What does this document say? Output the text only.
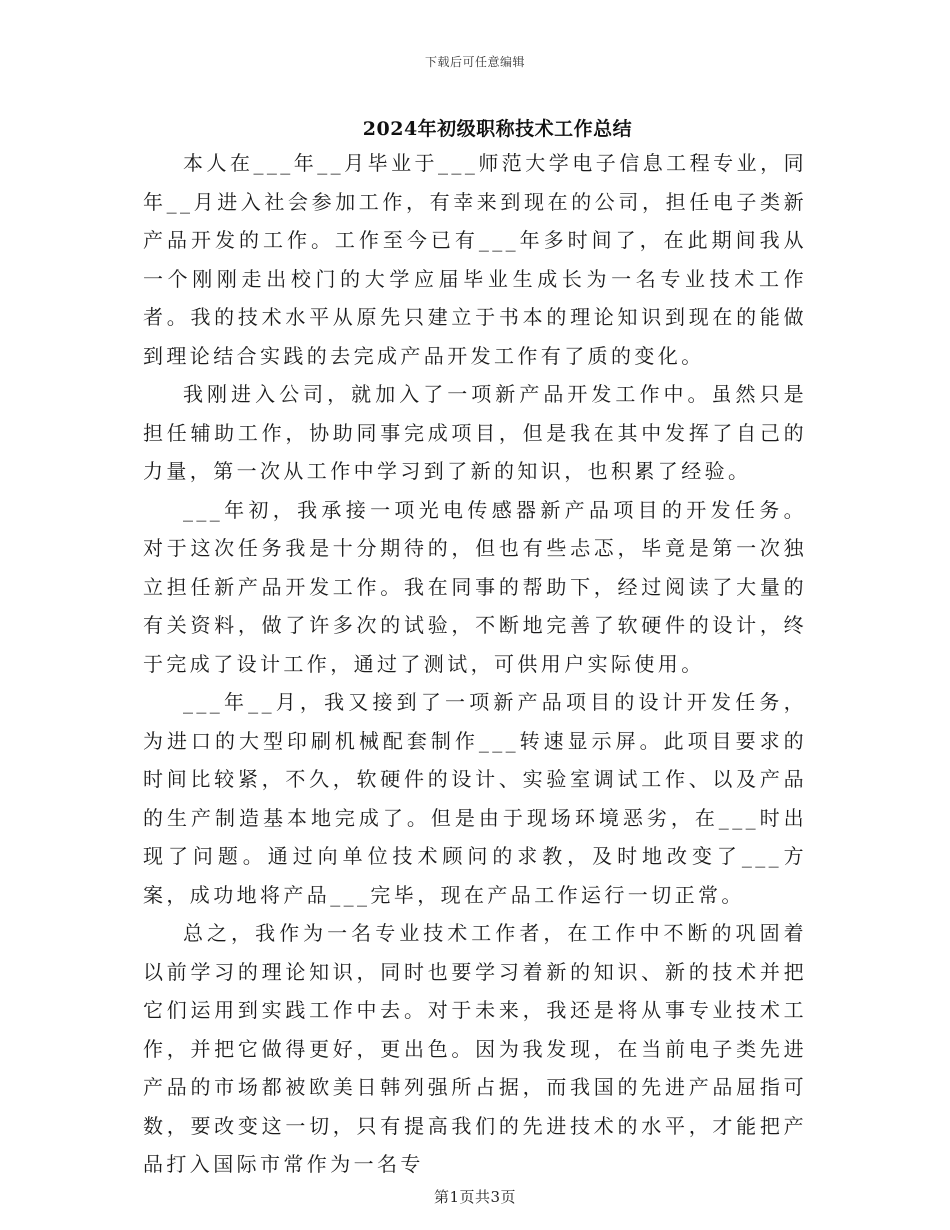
下载后可任意编辑
2024年初级职称技术工作总结

本人在___年__月毕业于___师范大学电子信息工程专业，同年__月进入社会参加工作，有幸来到现在的公司，担任电子类新产品开发的工作。工作至今已有___年多时间了，在此期间我从一个刚刚走出校门的大学应届毕业生成长为一名专业技术工作者。我的技术水平从原先只建立于书本的理论知识到现在的能做到理论结合实践的去完成产品开发工作有了质的变化。

我刚进入公司，就加入了一项新产品开发工作中。虽然只是担任辅助工作，协助同事完成项目，但是我在其中发挥了自己的力量，第一次从工作中学习到了新的知识，也积累了经验。

___年初，我承接一项光电传感器新产品项目的开发任务。对于这次任务我是十分期待的，但也有些忐忑，毕竟是第一次独立担任新产品开发工作。我在同事的帮助下，经过阅读了大量的有关资料，做了许多次的试验，不断地完善了软硬件的设计，终于完成了设计工作，通过了测试，可供用户实际使用。

___年__月，我又接到了一项新产品项目的设计开发任务，为进口的大型印刷机械配套制作___转速显示屏。此项目要求的时间比较紧，不久，软硬件的设计、实验室调试工作、以及产品的生产制造基本地完成了。但是由于现场环境恶劣，在___时出现了问题。通过向单位技术顾问的求教，及时地改变了___方案，成功地将产品___完毕，现在产品工作运行一切正常。

总之，我作为一名专业技术工作者，在工作中不断的巩固着以前学习的理论知识，同时也要学习着新的知识、新的技术并把它们运用到实践工作中去。对于未来，我还是将从事专业技术工作，并把它做得更好，更出色。因为我发现，在当前电子类先进产品的市场都被欧美日韩列强所占据，而我国的先进产品屈指可数，要改变这一切，只有提高我们的先进技术的水平，才能把产品打入国际市常作为一名专

第1页共3页
